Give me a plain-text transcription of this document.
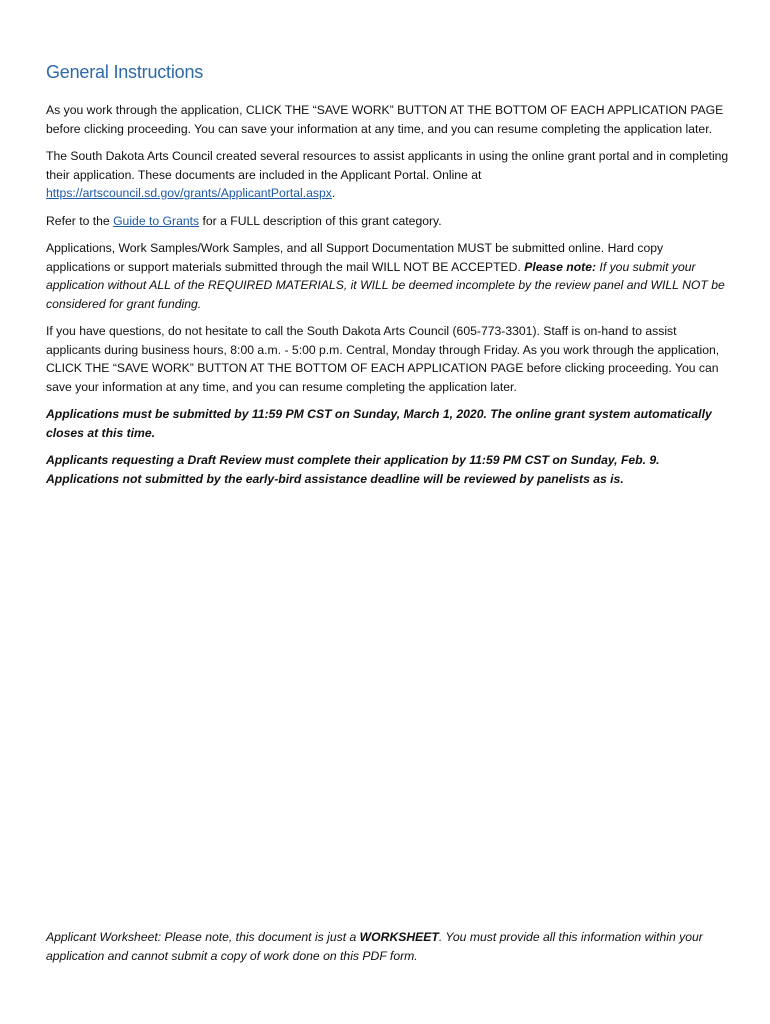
General Instructions

As you work through the application, CLICK THE “SAVE WORK” BUTTON AT THE BOTTOM OF EACH APPLICATION PAGE before clicking proceeding. You can save your information at any time, and you can resume completing the application later.

The South Dakota Arts Council created several resources to assist applicants in using the online grant portal and in completing their application. These documents are included in the Applicant Portal. Online at https://artscouncil.sd.gov/grants/ApplicantPortal.aspx.

Refer to the Guide to Grants for a FULL description of this grant category.

Applications, Work Samples/Work Samples, and all Support Documentation MUST be submitted online. Hard copy applications or support materials submitted through the mail WILL NOT BE ACCEPTED. Please note: If you submit your application without ALL of the REQUIRED MATERIALS, it WILL be deemed incomplete by the review panel and WILL NOT be considered for grant funding.

If you have questions, do not hesitate to call the South Dakota Arts Council (605-773-3301). Staff is on-hand to assist applicants during business hours, 8:00 a.m. - 5:00 p.m. Central, Monday through Friday. As you work through the application, CLICK THE “SAVE WORK” BUTTON AT THE BOTTOM OF EACH APPLICATION PAGE before clicking proceeding. You can save your information at any time, and you can resume completing the application later.

Applications must be submitted by 11:59 PM CST on Sunday, March 1, 2020. The online grant system automatically closes at this time.

Applicants requesting a Draft Review must complete their application by 11:59 PM CST on Sunday, Feb. 9. Applications not submitted by the early-bird assistance deadline will be reviewed by panelists as is.

Applicant Worksheet: Please note, this document is just a WORKSHEET. You must provide all this information within your application and cannot submit a copy of work done on this PDF form.
